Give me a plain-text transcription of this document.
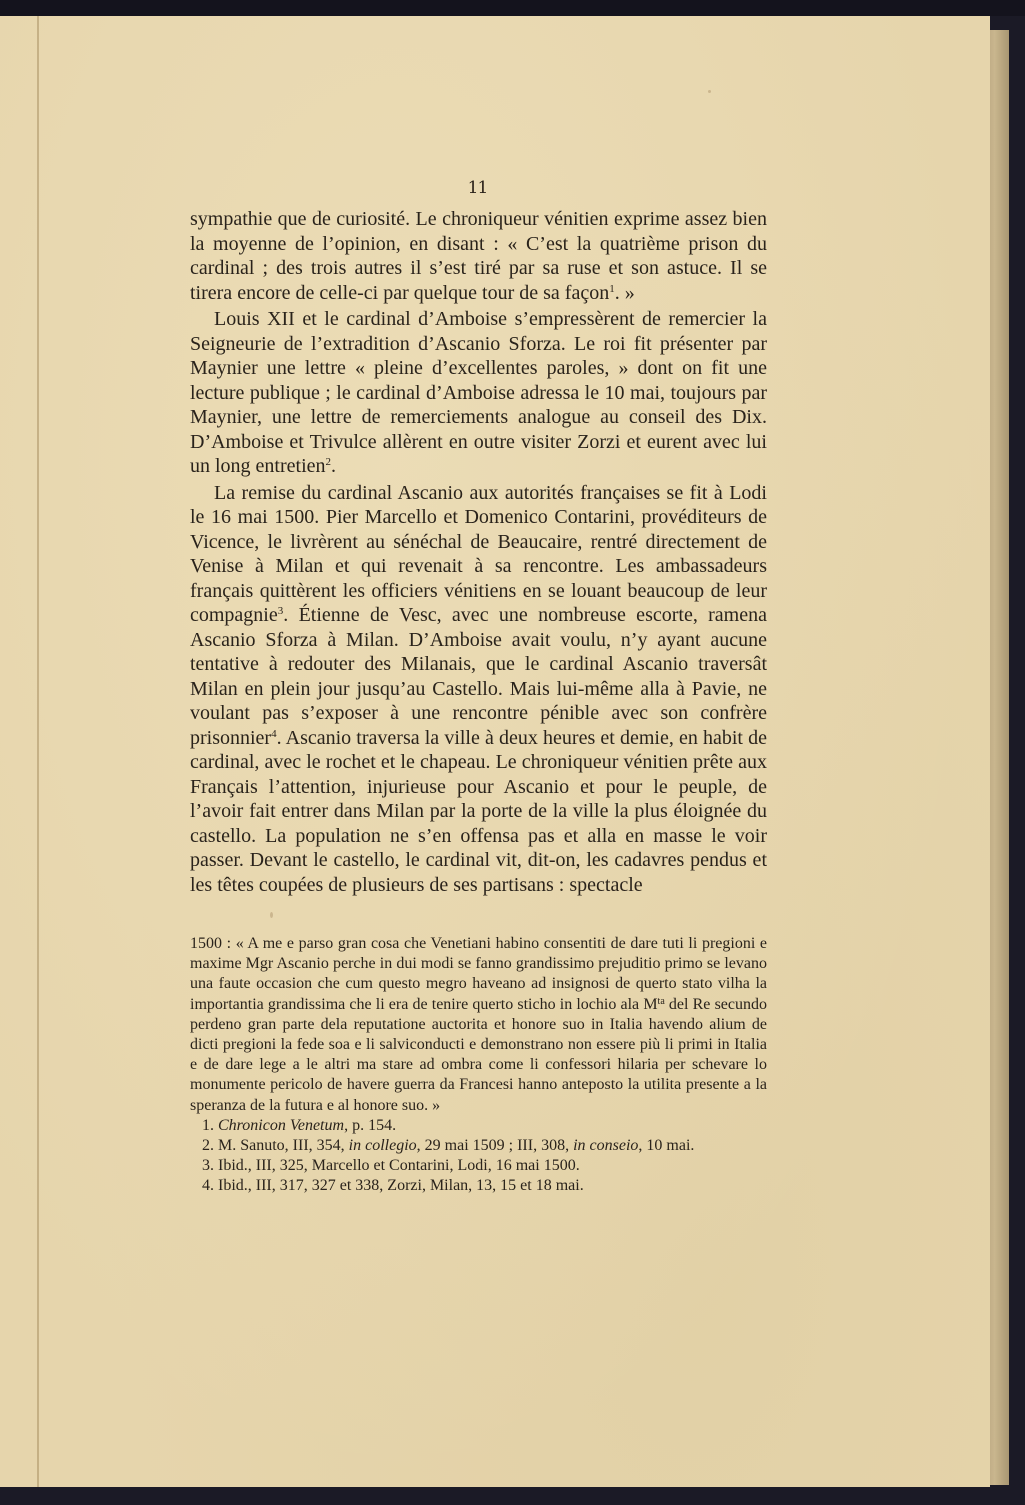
11

sympathie que de curiosité. Le chroniqueur vénitien exprime assez bien la moyenne de l’opinion, en disant : « C’est la quatrième prison du cardinal ; des trois autres il s’est tiré par sa ruse et son astuce. Il se tirera encore de celle-ci par quelque tour de sa façon$^1$. »

Louis XII et le cardinal d’Amboise s’empressèrent de remercier la Seigneurie de l’extradition d’Ascanio Sforza. Le roi fit présenter par Maynier une lettre « pleine d’excellentes paroles, » dont on fit une lecture publique ; le cardinal d’Amboise adressa le 10 mai, toujours par Maynier, une lettre de remerciements analogue au conseil des Dix. D’Amboise et Trivulce allèrent en outre visiter Zorzi et eurent avec lui un long entretien$^2$.

La remise du cardinal Ascanio aux autorités françaises se fit à Lodi le 16 mai 1500. Pier Marcello et Domenico Contarini, provéditeurs de Vicence, le livrèrent au sénéchal de Beaucaire, rentré directement de Venise à Milan et qui revenait à sa rencontre. Les ambassadeurs français quittèrent les officiers vénitiens en se louant beaucoup de leur compagnie$^3$. Étienne de Vesc, avec une nombreuse escorte, ramena Ascanio Sforza à Milan. D’Amboise avait voulu, n’y ayant aucune tentative à redouter des Milanais, que le cardinal Ascanio traversât Milan en plein jour jusqu’au Castello. Mais lui-même alla à Pavie, ne voulant pas s’exposer à une rencontre pénible avec son confrère prisonnier$^4$. Ascanio traversa la ville à deux heures et demie, en habit de cardinal, avec le rochet et le chapeau. Le chroniqueur vénitien prête aux Français l’attention, injurieuse pour Ascanio et pour le peuple, de l’avoir fait entrer dans Milan par la porte de la ville la plus éloignée du castello. La population ne s’en offensa pas et alla en masse le voir passer. Devant le castello, le cardinal vit, dit-on, les cadavres pendus et les têtes coupées de plusieurs de ses partisans : spectacle

1500 : « A me e parso gran cosa che Venetiani habino consentiti de dare tuti li pregioni e maxime Mgr Ascanio perche in dui modi se fanno grandissimo prejuditio primo se levano una faute occasion che cum questo megro haveano ad insignosi de querto stato vilha la importantia grandissima che li era de tenire querto sticho in lochio ala $M^{ta}$ del Re secundo perdeno gran parte dela reputatione auctorita et honore suo in Italia havendo alium de dicti pregioni la fede soa e li salviconducti e demonstrano non essere più li primi in Italia e de dare lege a le altri ma stare ad ombra come li confessori hilaria per schevare lo monumente pericolo de havere guerra da Francesi hanno anteposto la utilita presente a la speranza de la futura e al honore suo. »

1. Chronicon Venetum, p. 154.

2. M. Sanuto, III, 354, in collegio, 29 mai 1509 ; III, 308, in conseio, 10 mai.

3. Ibid., III, 325, Marcello et Contarini, Lodi, 16 mai 1500.

4. Ibid., III, 317, 327 et 338, Zorzi, Milan, 13, 15 et 18 mai.
